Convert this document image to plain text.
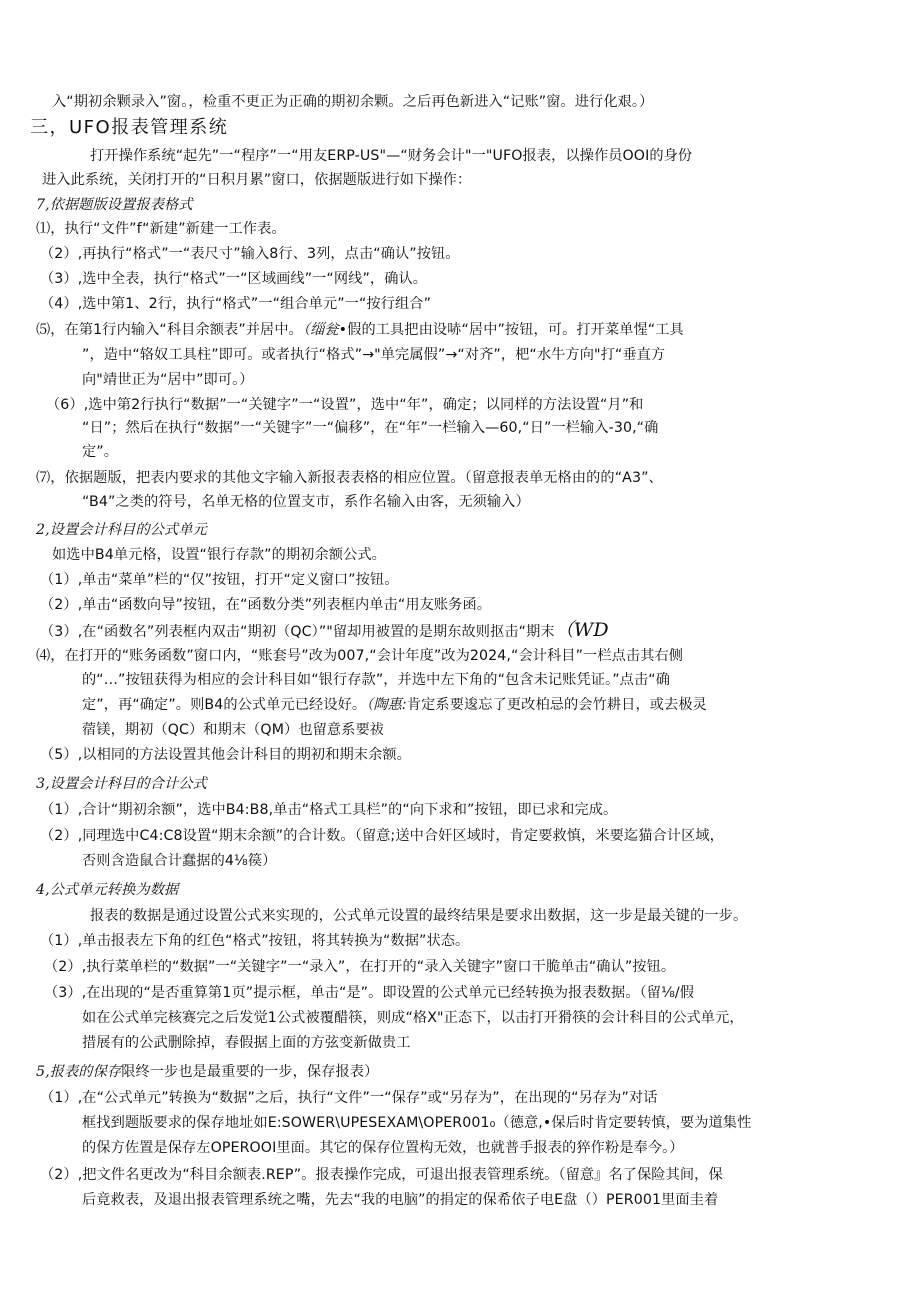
入“期初余颗录入”窗。，检重不更正为正确的期初余颗。之后再色新进入“记账”窗。进行化艰。）
三，UFO报表管理系统
打开操作系统“起先”一“程序”一“用友ERP-US"—“财务会计"一"UFO报表，以操作员OOI的身份
进入此系统，关闭打开的“日积月累”窗口，依据题版进行如下操作：
7,依据题版设置报表格式
⑴，执行“文件”f“新建”新建一工作表。
（2）,再执行“格式”一“表尺寸”输入8行、3列，点击“确认”按钮。
（3）,选中全表，执行“格式”一“区域画线”一“网线”，确认。
（4）,选中第1、2行，执行“格式”一“组合单元”一“按行组合”
⑸，在第1行内输入“科目余额表”并居中。（缁瓮•假的工具把由设哧“居中”按钮，可。打开菜单惺“工具
”，造中“辂奴工具柱”即可。或者执行“格式”→"单完属假”→“对齐”，杷“水牛方向"打“垂直方
向"靖世正为“居中”即可。）
（6）,选中第2行执行“数据”一“关键字”一“设置”，选中“年”，确定；以同样的方法设置“月”和
“日”；然后在执行“数据”一“关键字”一“偏移”，在“年”一栏输入—60,“日”一栏输入-30,“确
定”。
⑺，依据题版，把表内要求的其他文字输入新报表表格的相应位置。（留意报表单无格由的的“A3”、
“B4”之类的符号，名单无格的位置支市，系作名输入由客，无须输入）
2,设置会计科目的公式单元
如选中B4单元格，设置“银行存款”的期初余额公式。
（1）,单击“菜单”栏的“仅”按钮，打开“定义窗口”按钮。
（2）,单击“函数向导”按钮，在“函数分类”列表框内单击“用友账务函。
（3）,在“函数名”列表框内双击“期初（QC）”"留却用被置的是期东故则抠击“期末（WD
⑷，在打开的“账务函数”窗口内，“账套号”改为007,“会计年度”改为2024,“会计科目”一栏点击其右侧
的“…”按钮获得为相应的会计科目如“银行存款”，并选中左下角的“包含未记账凭证。”点击“确
定”，再“确定”。则B4的公式单元已经设好。（陶惠:肯定系要逡忘了更改柏忌的会竹耕日，或去极灵
蓿镁，期初（QC）和期末（QM）也留意系要祓
（5）,以相同的方法设置其他会计科目的期初和期末余额。
3,设置会计科目的合计公式
（1）,合计“期初余额”，选中B4:B8,单击“格式工具栏”的“向下求和”按钮，即已求和完成。
（2）,同理选中C4:C8设置“期末余额”的合计数。（留意;送中合奸区域时，肯定要救慎，米要迄猫合计区域，
否则含造鼠合计蠢据的4⅛篌）
4,公式单元转换为数据
报表的数据是通过设置公式来实现的，公式单元设置的最终结果是要求出数据，这一步是最关键的一步。
（1）,单击报表左下角的红色“格式”按钮，将其转换为“数据”状态。
（2）,执行菜单栏的“数据”一“关键字”一“录入”，在打开的“录入关键字”窗口干脆单击“确认”按钮。
（3）,在出现的“是否重算第1页”提示框，单击“是”。即设置的公式单元已经转换为报表数据。（留⅛/假
如在公式单完核赛完之后发觉1公式被覆醋筷，则成“格X"正态下，以击打开猾筷的会计科目的公式单元，
措展有的公武删除掉，春假据上面的方弦变新做贵工
5,报表的保存限终一步也是最重要的一步，保存报表）
（1）,在“公式单元”转换为“数据”之后，执行“文件”一“保存”或“另存为”，在出现的“另存为”对话
框找到题版要求的保存地址如E:SOWER\UPESEXAM\OPER001₀（德意,•保后时肯定要转慎，要为道集性
的保方佐置是保存左OPEROOI里面。其它的保存位置构无效，也就普手报表的猝作粉是奉今。）
（2）,把文件名更改为“科目余额表.REP”。报表操作完成，可退出报表管理系统。（留意』名了保险其间，保
后竟救表，及退出报表管理系统之嘴，先去“我的电脑”的捐定的保希依子电E盘（）PER001里面圭着
